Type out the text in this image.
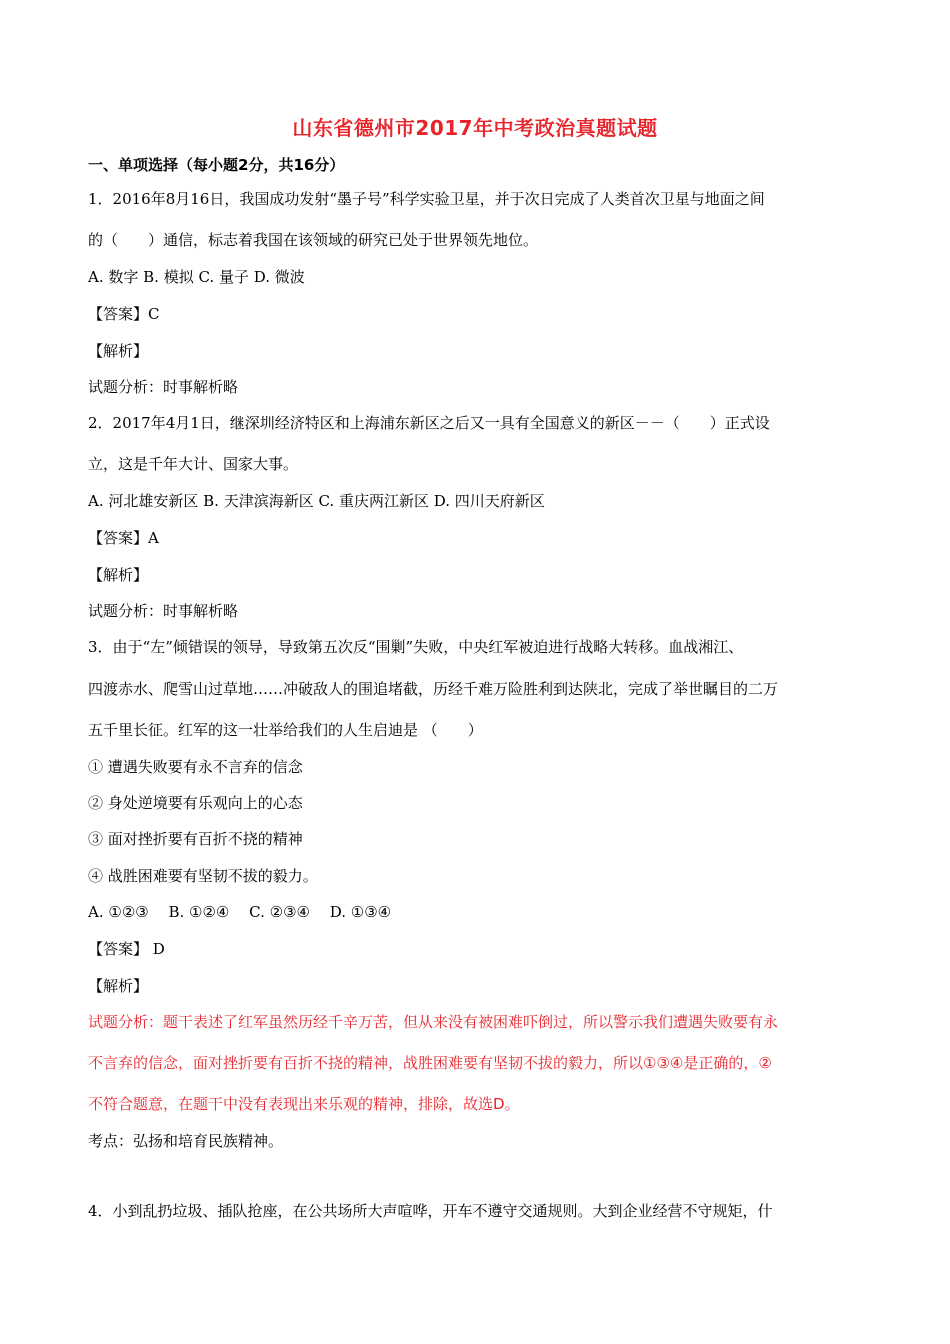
山东省德州市2017年中考政治真题试题
一、单项选择（每小题2分，共16分）
1．2016年8月16日，我国成功发射“墨子号”科学实验卫星，并于次日完成了人类首次卫星与地面之间
的（　　）通信，标志着我国在该领域的研究已处于世界领先地位。
A. 数字 B. 模拟 C. 量子 D. 微波
【答案】C
【解析】
试题分析：时事解析略
2．2017年4月1日，继深圳经济特区和上海浦东新区之后又一具有全国意义的新区－－（　　）正式设
立，这是千年大计、国家大事。
A. 河北雄安新区 B. 天津滨海新区 C. 重庆两江新区 D. 四川天府新区
【答案】A
【解析】
试题分析：时事解析略
3．由于“左”倾错误的领导，导致第五次反“围剿”失败，中央红军被迫进行战略大转移。血战湘江、
四渡赤水、爬雪山过草地……冲破敌人的围追堵截，历经千难万险胜利到达陕北，完成了举世瞩目的二万
五千里长征。红军的这一壮举给我们的人生启迪是 （　　）
① 遭遇失败要有永不言弃的信念
② 身处逆境要有乐观向上的心态
③ 面对挫折要有百折不挠的精神
④ 战胜困难要有坚韧不拔的毅力。
A. ①②③　 B. ①②④　 C. ②③④　 D. ①③④
【答案】 D
【解析】
试题分析：题干表述了红军虽然历经千辛万苦，但从来没有被困难吓倒过，所以警示我们遭遇失败要有永
不言弃的信念，面对挫折要有百折不挠的精神，战胜困难要有坚韧不拔的毅力，所以①③④是正确的，②
不符合题意，在题干中没有表现出来乐观的精神，排除，故选D。
考点：弘扬和培育民族精神。
4．小到乱扔垃圾、插队抢座，在公共场所大声喧哗，开车不遵守交通规则。大到企业经营不守规矩，什
